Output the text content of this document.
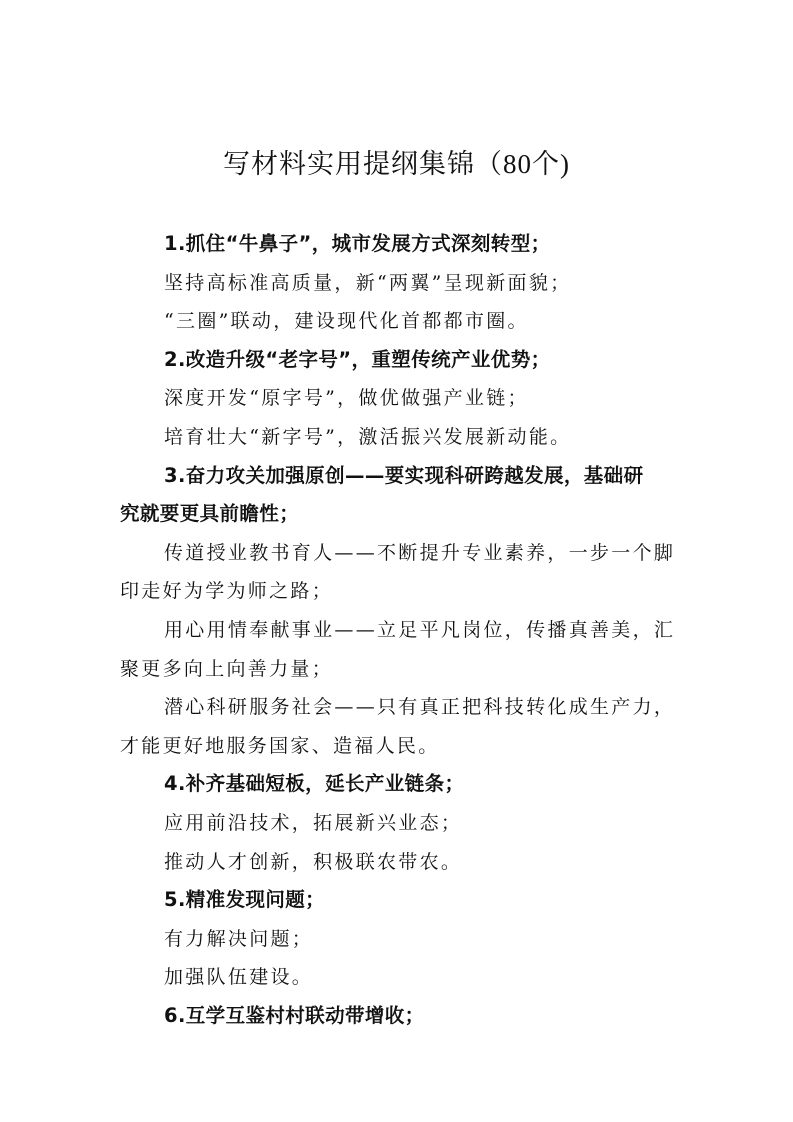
写材料实用提纲集锦（80个)
1.抓住“牛鼻子”，城市发展方式深刻转型；
坚持高标准高质量，新“两翼”呈现新面貌；
“三圈”联动，建设现代化首都都市圈。
2.改造升级“老字号”，重塑传统产业优势；
深度开发“原字号”，做优做强产业链；
培育壮大“新字号”，激活振兴发展新动能。
3.奋力攻关加强原创——要实现科研跨越发展，基础研
究就要更具前瞻性；
传道授业教书育人——不断提升专业素养，一步一个脚
印走好为学为师之路；
用心用情奉献事业——立足平凡岗位，传播真善美，汇
聚更多向上向善力量；
潜心科研服务社会——只有真正把科技转化成生产力，
才能更好地服务国家、造福人民。
4.补齐基础短板，延长产业链条；
应用前沿技术，拓展新兴业态；
推动人才创新，积极联农带农。
5.精准发现问题；
有力解决问题；
加强队伍建设。
6.互学互鉴村村联动带增收；
